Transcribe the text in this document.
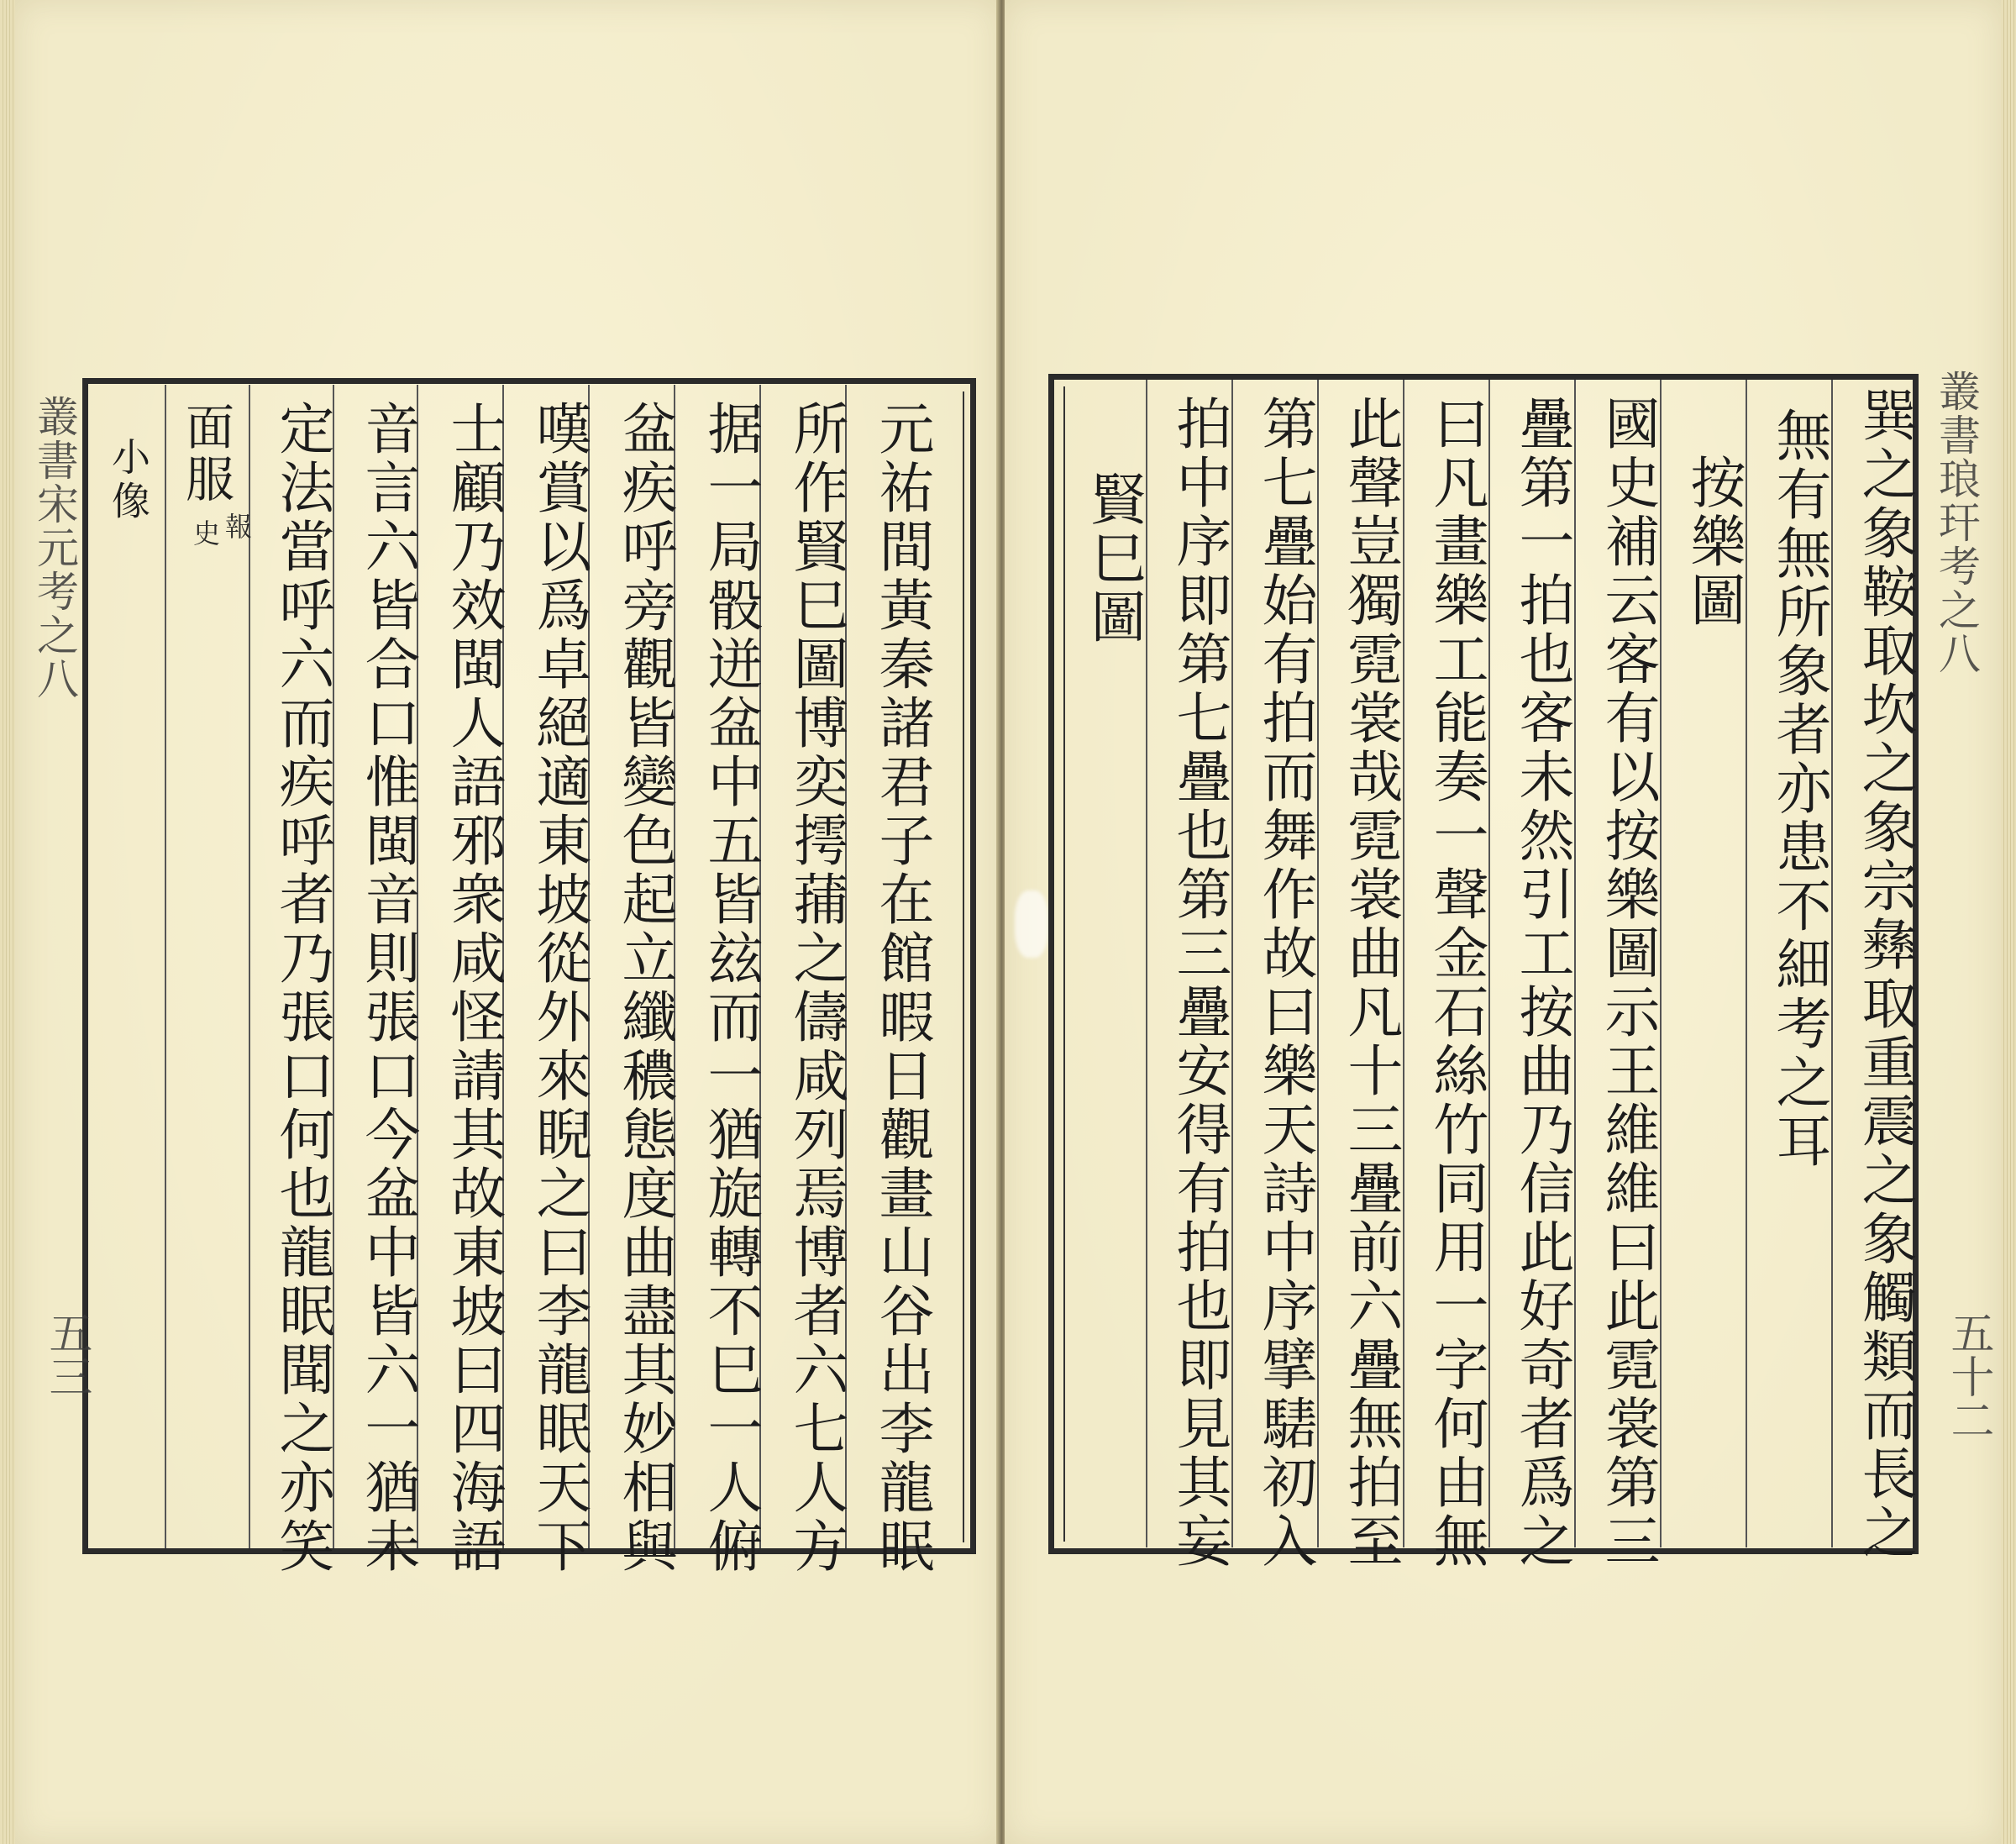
叢書宋元考之八
五三
小像 面服
報
史	元祐間黃秦諸君子在館暇日觀畫山谷出李龍眠
所作賢巳圖博奕摴蒱之儔咸列焉博者六七人方
据一局骰迸盆中五皆玆而一猶旋轉不巳一人俯
盆疾呼旁觀皆變色起立纖穠態度曲盡其妙相與
嘆賞以爲卓絕適東坡從外來睨之曰李龍眠天下
士顧乃效閩人語邪衆咸怪請其故東坡曰四海語
音言六皆合口惟閩音則張口今盆中皆六一猶未
定法當呼六而疾呼者乃張口何也龍眠聞之亦笑	叢書琅玕考之八
五十二
巽之象鞍取坎之象宗彝取重震之象觸類而長之
無有無所象者亦患不細考之耳
按樂圖
國史補云客有以按樂圖示王維維曰此霓裳第三
疊第一拍也客未然引工按曲乃信此好奇者爲之
曰凡畫樂工能奏一聲金石絲竹同用一字何由無
此聲豈獨霓裳哉霓裳曲凡十三疊前六疊無拍至
第七疊始有拍而舞作故曰樂天詩中序擘騞初入
拍中序即第七疊也第三疊安得有拍也即見其妄
賢巳圖
